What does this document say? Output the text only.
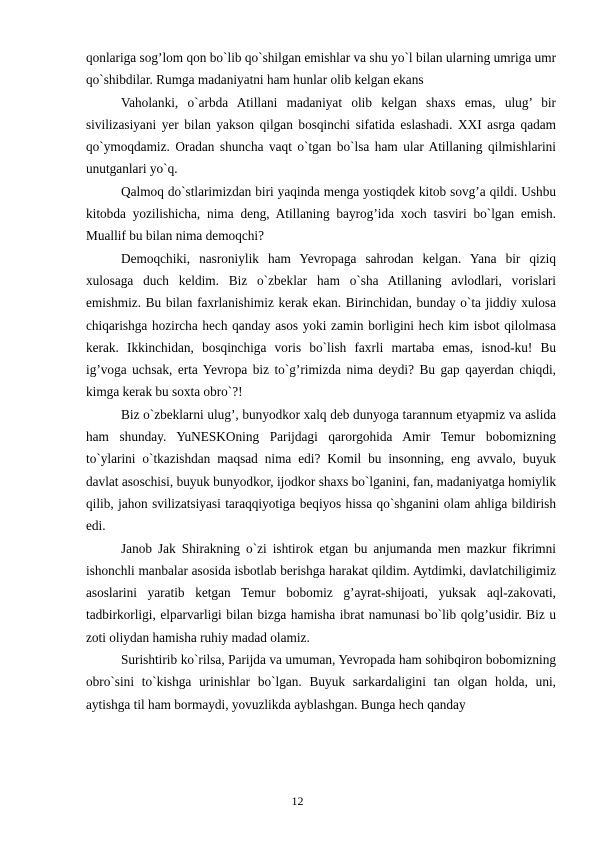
qonlariga sog’lom qon bo`lib qo`shilgan emishlar va shu yo`l bilan ularning umriga umr qo`shibdilar. Rumga madaniyatni ham hunlar olib kelgan ekans

Vaholanki, o`arbda Atillani madaniyat olib kelgan shaxs emas, ulug’ bir sivilizasiyani yer bilan yakson qilgan bosqinchi sifatida eslashadi. XXI asrga qadam qo`ymoqdamiz. Oradan shuncha vaqt o`tgan bo`lsa ham ular Atillaning qilmishlarini unutganlari yo`q.

Qalmoq do`stlarimizdan biri yaqinda menga yostiqdek kitob sovg’a qildi. Ushbu kitobda yozilishicha, nima deng, Atillaning bayrog’ida xoch tasviri bo`lgan emish. Muallif bu bilan nima demoqchi?

Demoqchiki, nasroniylik ham Yevropaga sahrodan kelgan. Yana bir qiziq xulosaga duch keldim. Biz o`zbeklar ham o`sha Atillaning avlodlari, vorislari emishmiz. Bu bilan faxrlanishimiz kerak ekan. Birinchidan, bunday o`ta jiddiy xulosa chiqarishga hozircha hech qanday asos yoki zamin borligini hech kim isbot qilolmasa kerak. Ikkinchidan, bosqinchiga voris bo`lish faxrli martaba emas, isnod-ku! Bu ig’voga uchsak, erta Yevropa biz to`g’rimizda nima deydi? Bu gap qayerdan chiqdi, kimga kerak bu soxta obro`?!

Biz o`zbeklarni ulug’, bunyodkor xalq deb dunyoga tarannum etyapmiz va aslida ham shunday. YuNESKOning Parijdagi qarorgohida Amir Temur bobomizning to`ylarini o`tkazishdan maqsad nima edi? Komil bu insonning, eng avvalo, buyuk davlat asoschisi, buyuk bunyodkor, ijodkor shaxs bo`lganini, fan, madaniyatga homiylik qilib, jahon svilizatsiyasi taraqqiyotiga beqiyos hissa qo`shganini olam ahliga bildirish edi.

Janob Jak Shirakning o`zi ishtirok etgan bu anjumanda men mazkur fikrimni ishonchli manbalar asosida isbotlab berishga harakat qildim. Aytdimki, davlatchiligimiz asoslarini yaratib ketgan Temur bobomiz g’ayrat-shijoati, yuksak aql-zakovati, tadbirkorligi, elparvarligi bilan bizga hamisha ibrat namunasi bo`lib qolg’usidir. Biz u zoti oliydan hamisha ruhiy madad olamiz.

Surishtirib ko`rilsa, Parijda va umuman, Yevropada ham sohibqiron bobomizning obro`sini to`kishga urinishlar bo`lgan. Buyuk sarkardaligini tan olgan holda, uni, aytishga til ham bormaydi, yovuzlikda ayblashgan. Bunga hech qanday

12
